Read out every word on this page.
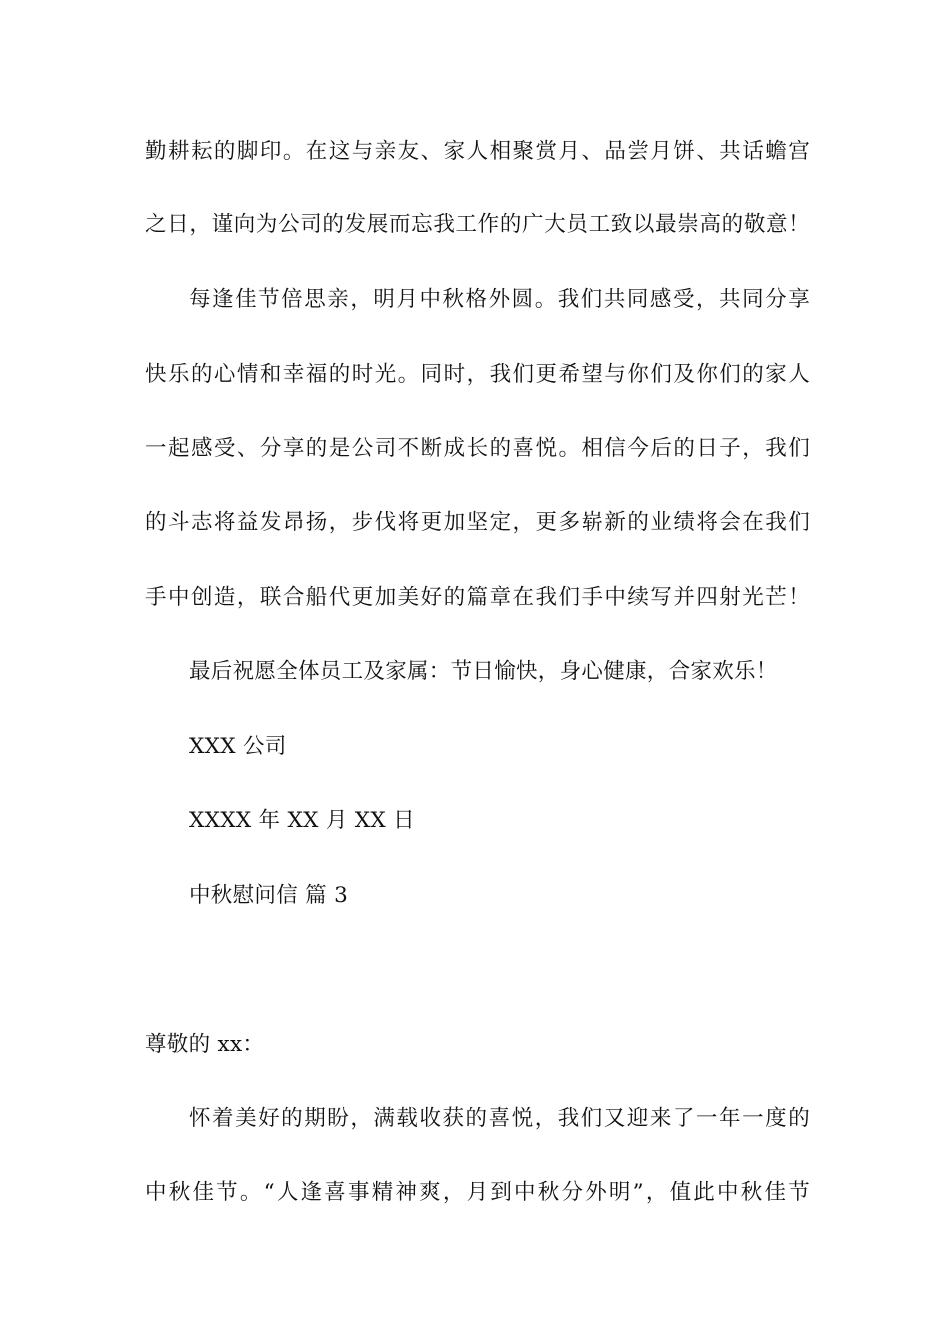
勤耕耘的脚印。在这与亲友、家人相聚赏月、品尝月饼、共话蟾宫
之日，谨向为公司的发展而忘我工作的广大员工致以最崇高的敬意！
每逢佳节倍思亲，明月中秋格外圆。我们共同感受，共同分享
快乐的心情和幸福的时光。同时，我们更希望与你们及你们的家人
一起感受、分享的是公司不断成长的喜悦。相信今后的日子，我们
的斗志将益发昂扬，步伐将更加坚定，更多崭新的业绩将会在我们
手中创造，联合船代更加美好的篇章在我们手中续写并四射光芒！
最后祝愿全体员工及家属：节日愉快，身心健康，合家欢乐！
XXX 公司
XXXX 年 XX 月 XX 日
中秋慰问信 篇 3
尊敬的 xx：
怀着美好的期盼，满载收获的喜悦，我们又迎来了一年一度的
中秋佳节。“人逢喜事精神爽，月到中秋分外明”，值此中秋佳节
